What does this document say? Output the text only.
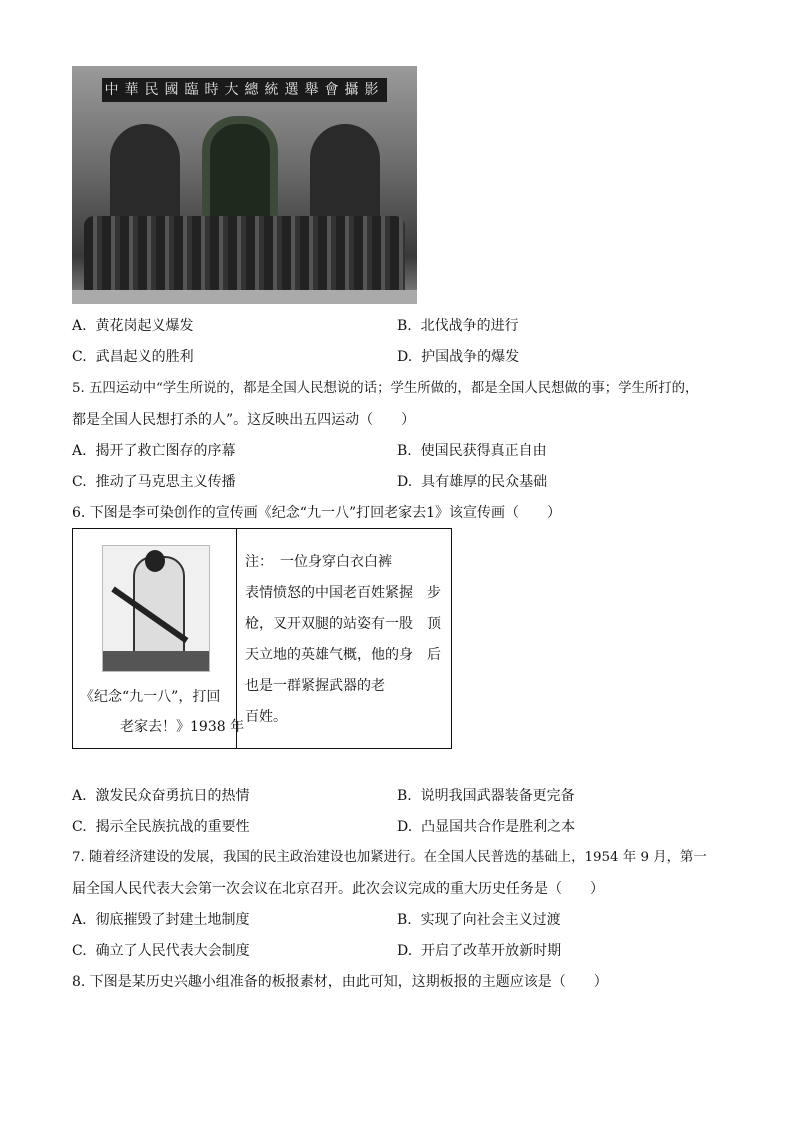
中華民國臨時大總統選舉會攝影
A. 黄花岗起义爆发	B. 北伐战争的进行
C. 武昌起义的胜利	D. 护国战争的爆发
5. 五四运动中“学生所说的，都是全国人民想说的话；学生所做的，都是全国人民想做的事；学生所打的，
都是全国人民想打杀的人”。这反映出五四运动（　　）
A. 揭开了救亡图存的序幕	B. 使国民获得真正自由
C. 推动了马克思主义传播	D. 具有雄厚的民众基础
6. 下图是李可染创作的宣传画《纪念“九一八”打回老家去1》该宣传画（　　）
《纪念“九一八”，打回
老家去！》1938 年
注：　一位身穿白衣白裤
表情愤怒的中国老百姓紧握　步
枪，叉开双腿的站姿有一股　顶
天立地的英雄气概，他的身　后
也是一群紧握武器的老
百姓。
A. 激发民众奋勇抗日的热情	B. 说明我国武器装备更完备
C. 揭示全民族抗战的重要性	D. 凸显国共合作是胜利之本
7. 随着经济建设的发展，我国的民主政治建设也加紧进行。在全国人民普选的基础上，1954 年 9 月，第一
届全国人民代表大会第一次会议在北京召开。此次会议完成的重大历史任务是（　　）
A. 彻底摧毁了封建土地制度	B. 实现了向社会主义过渡
C. 确立了人民代表大会制度	D. 开启了改革开放新时期
8. 下图是某历史兴趣小组准备的板报素材，由此可知，这期板报的主题应该是（　　）
